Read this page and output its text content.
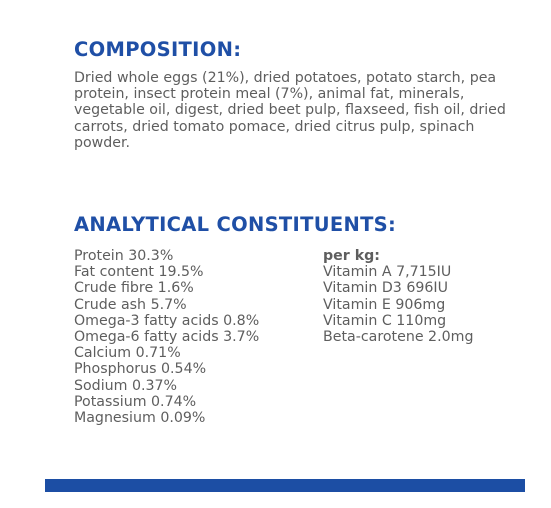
COMPOSITION:

Dried whole eggs (21%), dried potatoes, potato starch, pea protein, insect protein meal (7%), animal fat, minerals, vegetable oil, digest, dried beet pulp, flaxseed, fish oil, dried carrots, dried tomato pomace, dried citrus pulp, spinach powder.

ANALYTICAL CONSTITUENTS:
Protein 30.3%
Fat content 19.5%
Crude fibre 1.6%
Crude ash 5.7%
Omega-3 fatty acids 0.8%
Omega-6 fatty acids 3.7%
Calcium 0.71%
Phosphorus 0.54%
Sodium 0.37%
Potassium 0.74%
Magnesium 0.09%
per kg:
Vitamin A 7,715IU
Vitamin D3 696IU
Vitamin E 906mg
Vitamin C 110mg
Beta-carotene 2.0mg
